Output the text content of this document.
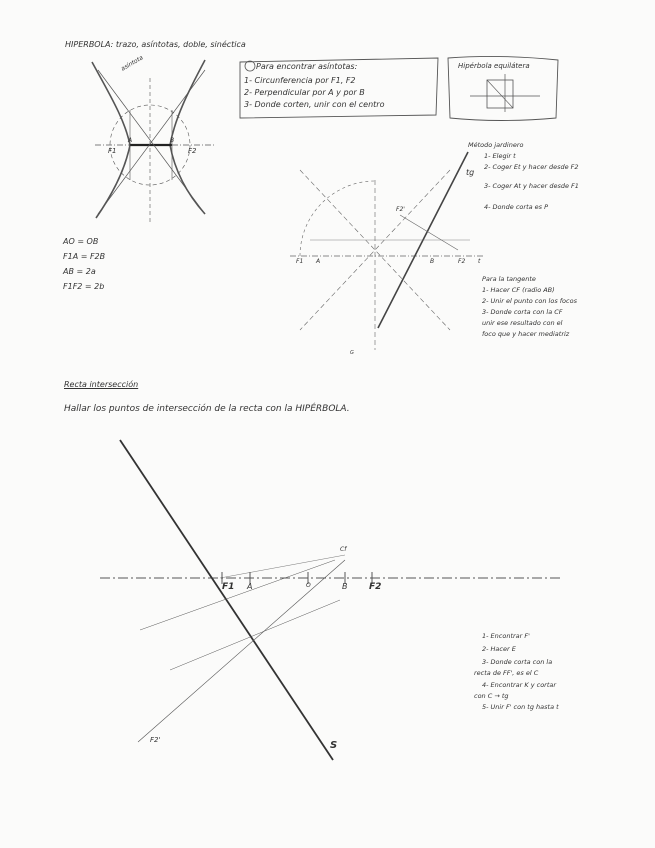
HIPERBOLA: trazo, asíntotas, doble, sinéctica
asíntota
F1
A	B
F2
Para encontrar asíntotas:
1- Circunferencia por F1, F2
2- Perpendicular por A y por B
3- Donde corten, unir con el centro
Hipérbola equilátera
Método jardinero
1- Elegir t
2- Coger Et y hacer desde F2
3- Coger At y hacer desde F1
4- Donde corta es P
AO = OB
F1A = F2B
AB = 2a
F1F2 = 2b
F1 A	B	F2 t
tg
F2'
G
Para la tangente
1- Hacer CF (radio AB)
2- Unir el punto con los focos
3- Donde corta con la CF
unir ese resultado con el
foco que y hacer mediatriz
Recta intersección
Hallar los puntos de intersección de la recta con la HIPÉRBOLA.
F1 A	O	B F2
F2'	S
Cf
1- Encontrar F'
2- Hacer E
3- Donde corta con la
recta de FF', es el C
4- Encontrar K y cortar
con C → tg
5- Unir F' con tg hasta t
